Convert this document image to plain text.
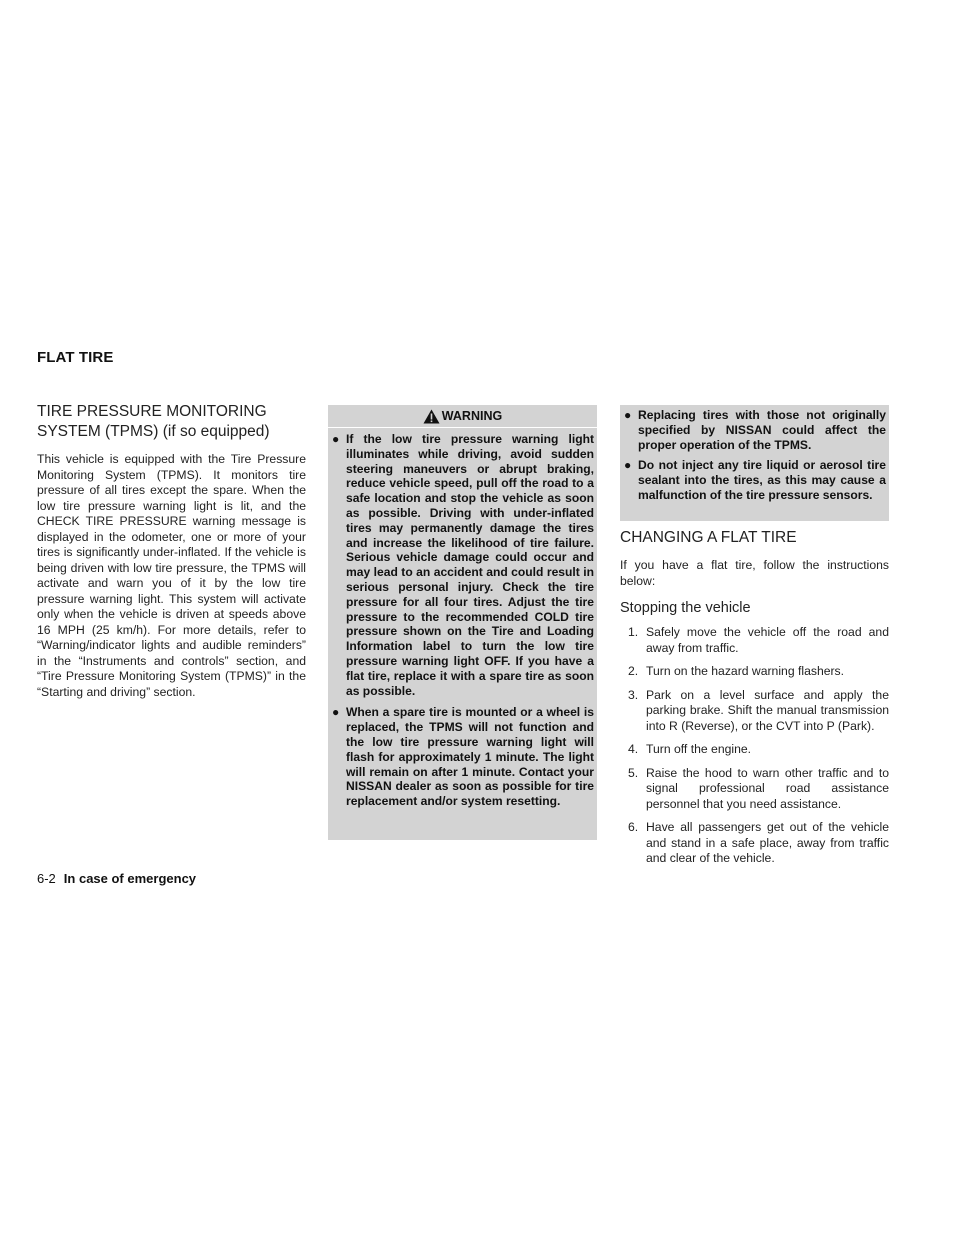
FLAT TIRE
TIRE PRESSURE MONITORING
SYSTEM (TPMS) (if so equipped)

This vehicle is equipped with the Tire Pressure Monitoring System (TPMS). It monitors tire pressure of all tires except the spare. When the low tire pressure warning light is lit, and the CHECK TIRE PRESSURE warning message is displayed in the odometer, one or more of your tires is significantly under-inflated. If the vehicle is being driven with low tire pressure, the TPMS will activate and warn you of it by the low tire pressure warning light. This system will activate only when the vehicle is driven at speeds above 16 MPH (25 km/h). For more details, refer to “Warning/indicator lights and audible reminders” in the “Instruments and controls” section, and “Tire Pressure Monitoring System (TPMS)” in the “Starting and driving” section.

WARNING
● If the low tire pressure warning light illuminates while driving, avoid sudden steering maneuvers or abrupt braking, reduce vehicle speed, pull off the road to a safe location and stop the vehicle as soon as possible. Driving with under-inflated tires may permanently damage the tires and increase the likelihood of tire failure. Serious vehicle damage could occur and may lead to an accident and could result in serious personal injury. Check the tire pressure for all four tires. Adjust the tire pressure to the recommended COLD tire pressure shown on the Tire and Loading Information label to turn the low tire pressure warning light OFF. If you have a flat tire, replace it with a spare tire as soon as possible.
● When a spare tire is mounted or a wheel is replaced, the TPMS will not function and the low tire pressure warning light will flash for approximately 1 minute. The light will remain on after 1 minute. Contact your NISSAN dealer as soon as possible for tire replacement and/or system resetting.
● Replacing tires with those not originally specified by NISSAN could affect the proper operation of the TPMS.
● Do not inject any tire liquid or aerosol tire sealant into the tires, as this may cause a malfunction of the tire pressure sensors.
CHANGING A FLAT TIRE

If you have a flat tire, follow the instructions below:

Stopping the vehicle
1. Safely move the vehicle off the road and away from traffic.
2. Turn on the hazard warning flashers.
3. Park on a level surface and apply the parking brake. Shift the manual transmission into R (Reverse), or the CVT into P (Park).
4. Turn off the engine.
5. Raise the hood to warn other traffic and to signal professional road assistance personnel that you need assistance.
6. Have all passengers get out of the vehicle and stand in a safe place, away from traffic and clear of the vehicle.
6-2 In case of emergency
